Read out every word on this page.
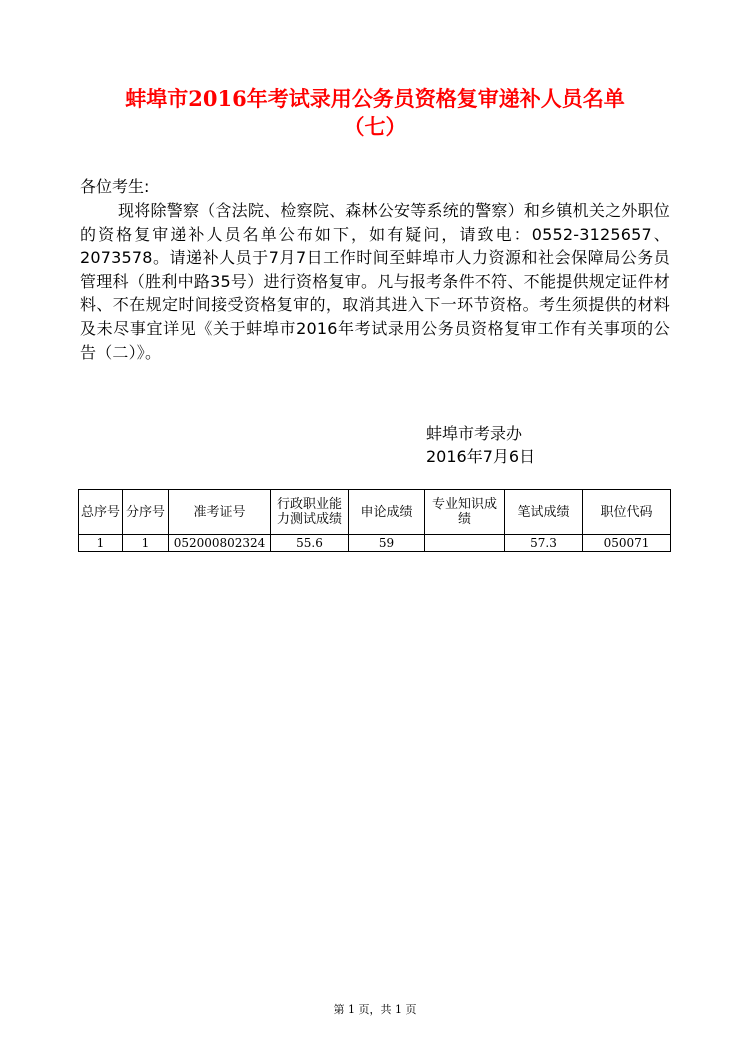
蚌埠市2016年考试录用公务员资格复审递补人员名单
（七）
各位考生:
现将除警察（含法院、检察院、森林公安等系统的警察）和乡镇机关之外职位的资格复审递补人员名单公布如下，如有疑问，请致电：0552-3125657、2073578。请递补人员于7月7日工作时间至蚌埠市人力资源和社会保障局公务员管理科（胜利中路35号）进行资格复审。凡与报考条件不符、不能提供规定证件材料、不在规定时间接受资格复审的，取消其进入下一环节资格。考生须提供的材料及未尽事宜详见《关于蚌埠市2016年考试录用公务员资格复审工作有关事项的公告（二）》。
蚌埠市考录办
2016年7月6日
总序号	分序号	准考证号	行政职业能力测试成绩	申论成绩	专业知识成绩	笔试成绩	职位代码
1	1	052000802324	55.6	59		57.3	050071
第 1 页，共 1 页
